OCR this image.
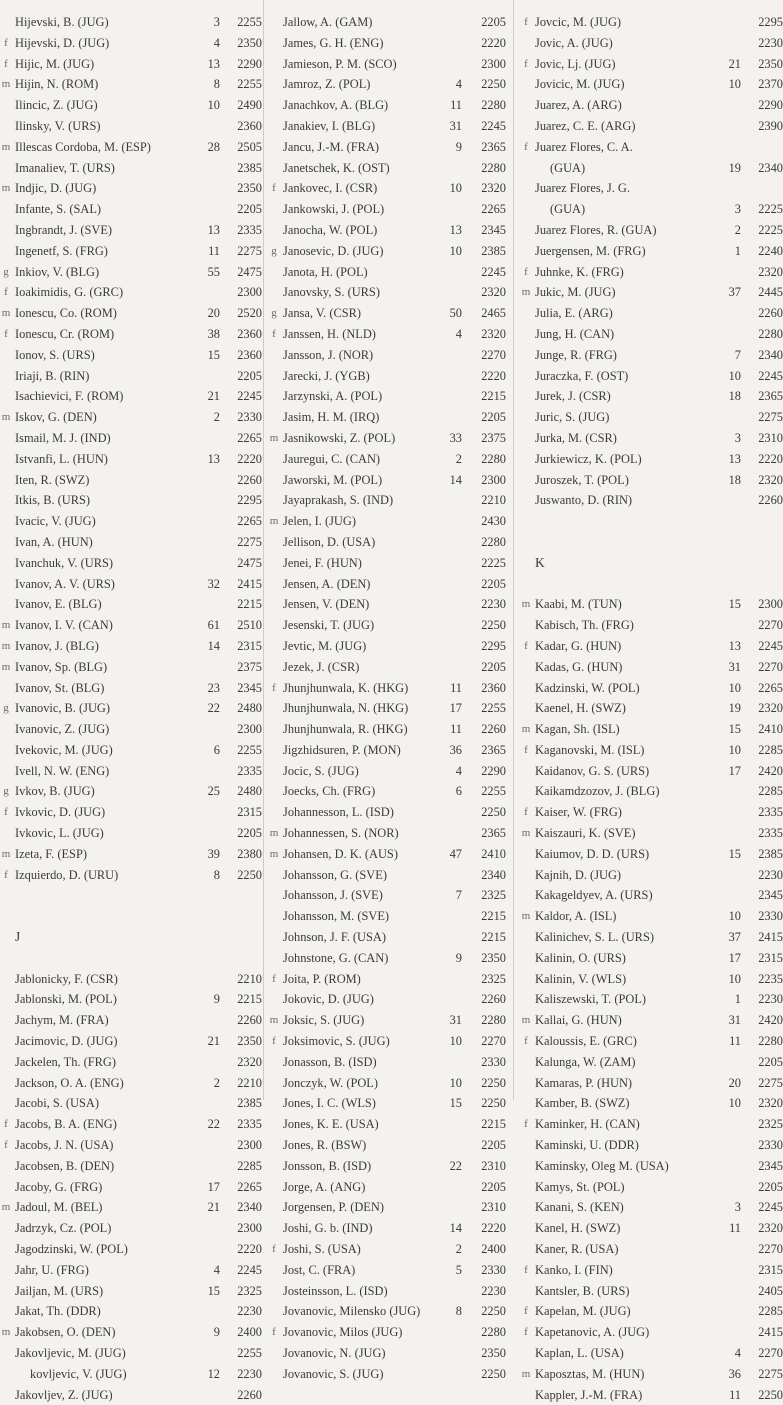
Hijevski, B. (JUG)	3	2255
f Hijevski, D. (JUG)	4	2350
f Hijic, M. (JUG)	13	2290
m Hijin, N. (ROM)	8	2255
Ilincic, Z. (JUG)	10	2490
Ilinsky, V. (URS)	2360
m Illescas Cordoba, M. (ESP)	28	2505
Imanaliev, T. (URS)	2385
m Indjic, D. (JUG)	2350
Infante, S. (SAL)	2205
Ingbrandt, J. (SVE)	13	2335
Ingenetf, S. (FRG)	11	2275
g Inkiov, V. (BLG)	55	2475
f Ioakimidis, G. (GRC)	2300
m Ionescu, Co. (ROM)	20	2520
f Ionescu, Cr. (ROM)	38	2360
Ionov, S. (URS)	15	2360
Iriaji, B. (RIN)	2205
Isachievici, F. (ROM)	21	2245
m Iskov, G. (DEN)	2	2330
Ismail, M. J. (IND)	2265
Istvanfi, L. (HUN)	13	2220
Iten, R. (SWZ)	2260
Itkis, B. (URS)	2295
Ivacic, V. (JUG)	2265
Ivan, A. (HUN)	2275
Ivanchuk, V. (URS)	2475
Ivanov, A. V. (URS)	32	2415
Ivanov, E. (BLG)	2215
m Ivanov, I. V. (CAN)	61	2510
m Ivanov, J. (BLG)	14	2315
m Ivanov, Sp. (BLG)	2375
Ivanov, St. (BLG)	23	2345
g Ivanovic, B. (JUG)	22	2480
Ivanovic, Z. (JUG)	2300
Ivekovic, M. (JUG)	6	2255
Ivell, N. W. (ENG)	2335
g Ivkov, B. (JUG)	25	2480
f Ivkovic, D. (JUG)	2315
Ivkovic, L. (JUG)	2205
m Izeta, F. (ESP)	39	2380
f Izquierdo, D. (URU)	8	2250
J
Jablonicky, F. (CSR)	2210
Jablonski, M. (POL)	9	2215
Jachym, M. (FRA)	2260
Jacimovic, D. (JUG)	21	2350
Jackelen, Th. (FRG)	2320
Jackson, O. A. (ENG)	2	2210
Jacobi, S. (USA)	2385
f Jacobs, B. A. (ENG)	22	2335
f Jacobs, J. N. (USA)	2300
Jacobsen, B. (DEN)	2285
Jacoby, G. (FRG)	17	2265
m Jadoul, M. (BEL)	21	2340
Jadrzyk, Cz. (POL)	2300
Jagodzinski, W. (POL)	2220
Jahr, U. (FRG)	4	2245
Jailjan, M. (URS)	15	2325
Jakat, Th. (DDR)	2230
m Jakobsen, O. (DEN)	9	2400
Jakovljevic, M. (JUG)	2255
kovljevic, V. (JUG)	12	2230
Jakovljev, Z. (JUG)	2260
Jallow, A. (GAM)	2205
James, G. H. (ENG)	2220
Jamieson, P. M. (SCO)	2300
Jamroz, Z. (POL)	4	2250
Janachkov, A. (BLG)	11	2280
Janakiev, I. (BLG)	31	2245
Jancu, J.-M. (FRA)	9	2365
Janetschek, K. (OST)	2280
f Jankovec, I. (CSR)	10	2320
Jankowski, J. (POL)	2265
Janocha, W. (POL)	13	2345
g Janosevic, D. (JUG)	10	2385
Janota, H. (POL)	2245
Janovsky, S. (URS)	2320
g Jansa, V. (CSR)	50	2465
f Janssen, H. (NLD)	4	2320
Jansson, J. (NOR)	2270
Jarecki, J. (YGB)	2220
Jarzynski, A. (POL)	2215
Jasim, H. M. (IRQ)	2205
m Jasnikowski, Z. (POL)	33	2375
Jauregui, C. (CAN)	2	2280
Jaworski, M. (POL)	14	2300
Jayaprakash, S. (IND)	2210
m Jelen, I. (JUG)	2430
Jellison, D. (USA)	2280
Jenei, F. (HUN)	2225
Jensen, A. (DEN)	2205
Jensen, V. (DEN)	2230
Jesenski, T. (JUG)	2250
Jevtic, M. (JUG)	2295
Jezek, J. (CSR)	2205
f Jhunjhunwala, K. (HKG)	11	2360
Jhunjhunwala, N. (HKG)	17	2255
Jhunjhunwala, R. (HKG)	11	2260
Jigzhidsuren, P. (MON)	36	2365
Jocic, S. (JUG)	4	2290
Joecks, Ch. (FRG)	6	2255
Johannesson, L. (ISD)	2250
m Johannessen, S. (NOR)	2365
m Johansen, D. K. (AUS)	47	2410
Johansson, G. (SVE)	2340
Johansson, J. (SVE)	7	2325
Johansson, M. (SVE)	2215
Johnson, J. F. (USA)	2215
Johnstone, G. (CAN)	9	2350
f Joita, P. (ROM)	2325
Jokovic, D. (JUG)	2260
m Joksic, S. (JUG)	31	2280
f Joksimovic, S. (JUG)	10	2270
Jonasson, B. (ISD)	2330
Jonczyk, W. (POL)	10	2250
Jones, I. C. (WLS)	15	2250
Jones, K. E. (USA)	2215
Jones, R. (BSW)	2205
Jonsson, B. (ISD)	22	2310
Jorge, A. (ANG)	2205
Jorgensen, P. (DEN)	2310
Joshi, G. b. (IND)	14	2220
f Joshi, S. (USA)	2	2400
Jost, C. (FRA)	5	2330
Josteinsson, L. (ISD)	2230
Jovanovic, Milensko (JUG)	8	2250
f Jovanovic, Milos (JUG)	2280
Jovanovic, N. (JUG)	2350
Jovanovic, S. (JUG)	2250
f Jovcic, M. (JUG)	2295
Jovic, A. (JUG)	2230
f Jovic, Lj. (JUG)	21	2350
Jovicic, M. (JUG)	10	2370
Juarez, A. (ARG)	2290
Juarez, C. E. (ARG)	2390
f Juarez Flores, C. A.
(GUA)	19	2340
Juarez Flores, J. G.
(GUA)	3	2225
Juarez Flores, R. (GUA)	2	2225
Juergensen, M. (FRG)	1	2240
f Juhnke, K. (FRG)	2320
m Jukic, M. (JUG)	37	2445
Julia, E. (ARG)	2260
Jung, H. (CAN)	2280
Junge, R. (FRG)	7	2340
Juraczka, F. (OST)	10	2245
Jurek, J. (CSR)	18	2365
Juric, S. (JUG)	2275
Jurka, M. (CSR)	3	2310
Jurkiewicz, K. (POL)	13	2220
Juroszek, T. (POL)	18	2320
Juswanto, D. (RIN)	2260
K
m Kaabi, M. (TUN)	15	2300
Kabisch, Th. (FRG)	2270
f Kadar, G. (HUN)	13	2245
Kadas, G. (HUN)	31	2270
Kadzinski, W. (POL)	10	2265
Kaenel, H. (SWZ)	19	2320
m Kagan, Sh. (ISL)	15	2410
f Kaganovski, M. (ISL)	10	2285
Kaidanov, G. S. (URS)	17	2420
Kaikamdzozov, J. (BLG)	2285
f Kaiser, W. (FRG)	2335
m Kaiszauri, K. (SVE)	2335
Kaiumov, D. D. (URS)	15	2385
Kajnih, D. (JUG)	2230
Kakageldyev, A. (URS)	2345
m Kaldor, A. (ISL)	10	2330
Kalinichev, S. L. (URS)	37	2415
Kalinin, O. (URS)	17	2315
Kalinin, V. (WLS)	10	2235
Kaliszewski, T. (POL)	1	2230
m Kallai, G. (HUN)	31	2420
f Kaloussis, E. (GRC)	11	2280
Kalunga, W. (ZAM)	2205
Kamaras, P. (HUN)	20	2275
Kamber, B. (SWZ)	10	2320
f Kaminker, H. (CAN)	2325
Kaminski, U. (DDR)	2330
Kaminsky, Oleg M. (USA)	2345
Kamys, St. (POL)	2205
Kanani, S. (KEN)	3	2245
Kanel, H. (SWZ)	11	2320
Kaner, R. (USA)	2270
f Kanko, I. (FIN)	2315
Kantsler, B. (URS)	2405
f Kapelan, M. (JUG)	2285
f Kapetanovic, A. (JUG)	2415
Kaplan, L. (USA)	4	2270
m Kaposztas, M. (HUN)	36	2275
Kappler, J.-M. (FRA)	11	2250
